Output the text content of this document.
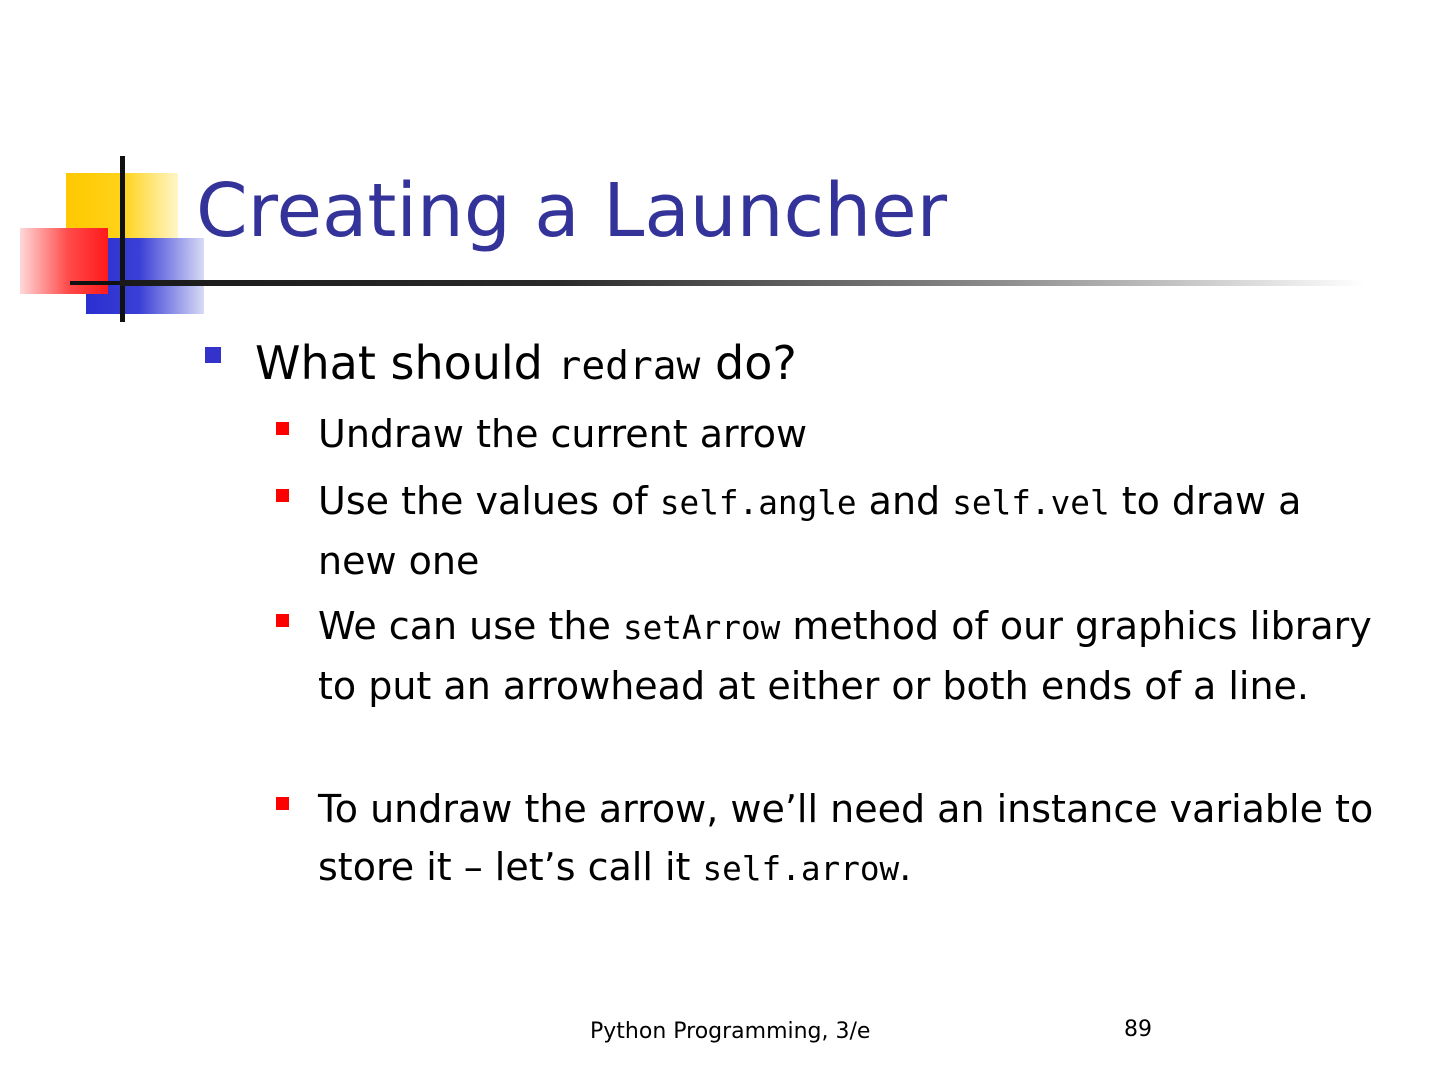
Creating a Launcher
What should redraw do?
Undraw the current arrow
Use the values of self.angle and self.vel to draw a new one
We can use the setArrow method of our graphics library to put an arrowhead at either or both ends of a line.
To undraw the arrow, we’ll need an instance variable to store it – let’s call it self.arrow.
Python Programming, 3/e	89
